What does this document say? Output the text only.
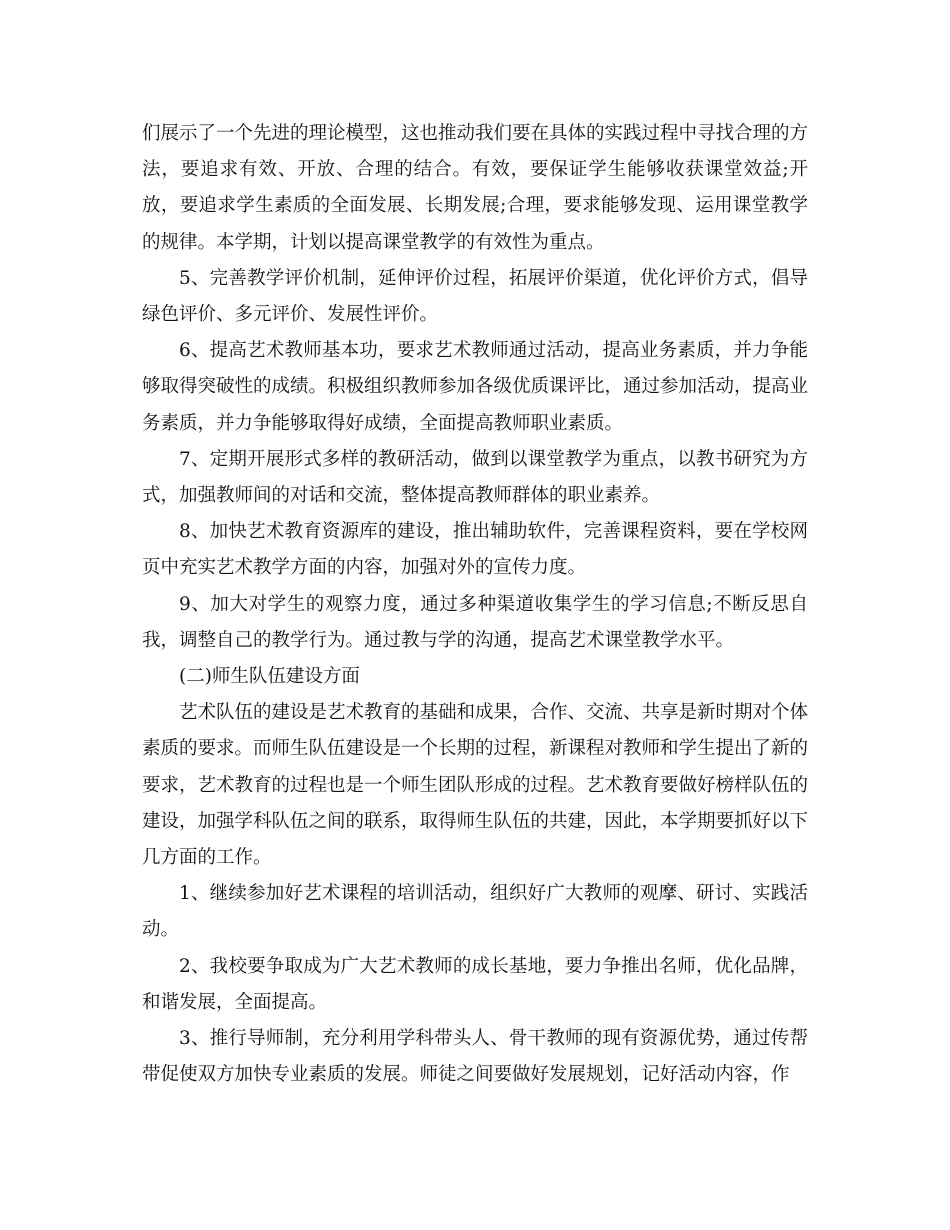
们展示了一个先进的理论模型，这也推动我们要在具体的实践过程中寻找合理的方法，要追求有效、开放、合理的结合。有效，要保证学生能够收获课堂效益;开放，要追求学生素质的全面发展、长期发展;合理，要求能够发现、运用课堂教学的规律。本学期，计划以提高课堂教学的有效性为重点。

5、完善教学评价机制，延伸评价过程，拓展评价渠道，优化评价方式，倡导绿色评价、多元评价、发展性评价。

6、提高艺术教师基本功，要求艺术教师通过活动，提高业务素质，并力争能够取得突破性的成绩。积极组织教师参加各级优质课评比，通过参加活动，提高业务素质，并力争能够取得好成绩，全面提高教师职业素质。

7、定期开展形式多样的教研活动，做到以课堂教学为重点，以教书研究为方式，加强教师间的对话和交流，整体提高教师群体的职业素养。

8、加快艺术教育资源库的建设，推出辅助软件，完善课程资料，要在学校网页中充实艺术教学方面的内容，加强对外的宣传力度。

9、加大对学生的观察力度，通过多种渠道收集学生的学习信息;不断反思自我，调整自己的教学行为。通过教与学的沟通，提高艺术课堂教学水平。

(二)师生队伍建设方面

艺术队伍的建设是艺术教育的基础和成果，合作、交流、共享是新时期对个体素质的要求。而师生队伍建设是一个长期的过程，新课程对教师和学生提出了新的要求，艺术教育的过程也是一个师生团队形成的过程。艺术教育要做好榜样队伍的建设，加强学科队伍之间的联系，取得师生队伍的共建，因此，本学期要抓好以下几方面的工作。

1、继续参加好艺术课程的培训活动，组织好广大教师的观摩、研讨、实践活动。

2、我校要争取成为广大艺术教师的成长基地，要力争推出名师，优化品牌，和谐发展，全面提高。

3、推行导师制，充分利用学科带头人、骨干教师的现有资源优势，通过传帮带促使双方加快专业素质的发展。师徒之间要做好发展规划，记好活动内容，作
